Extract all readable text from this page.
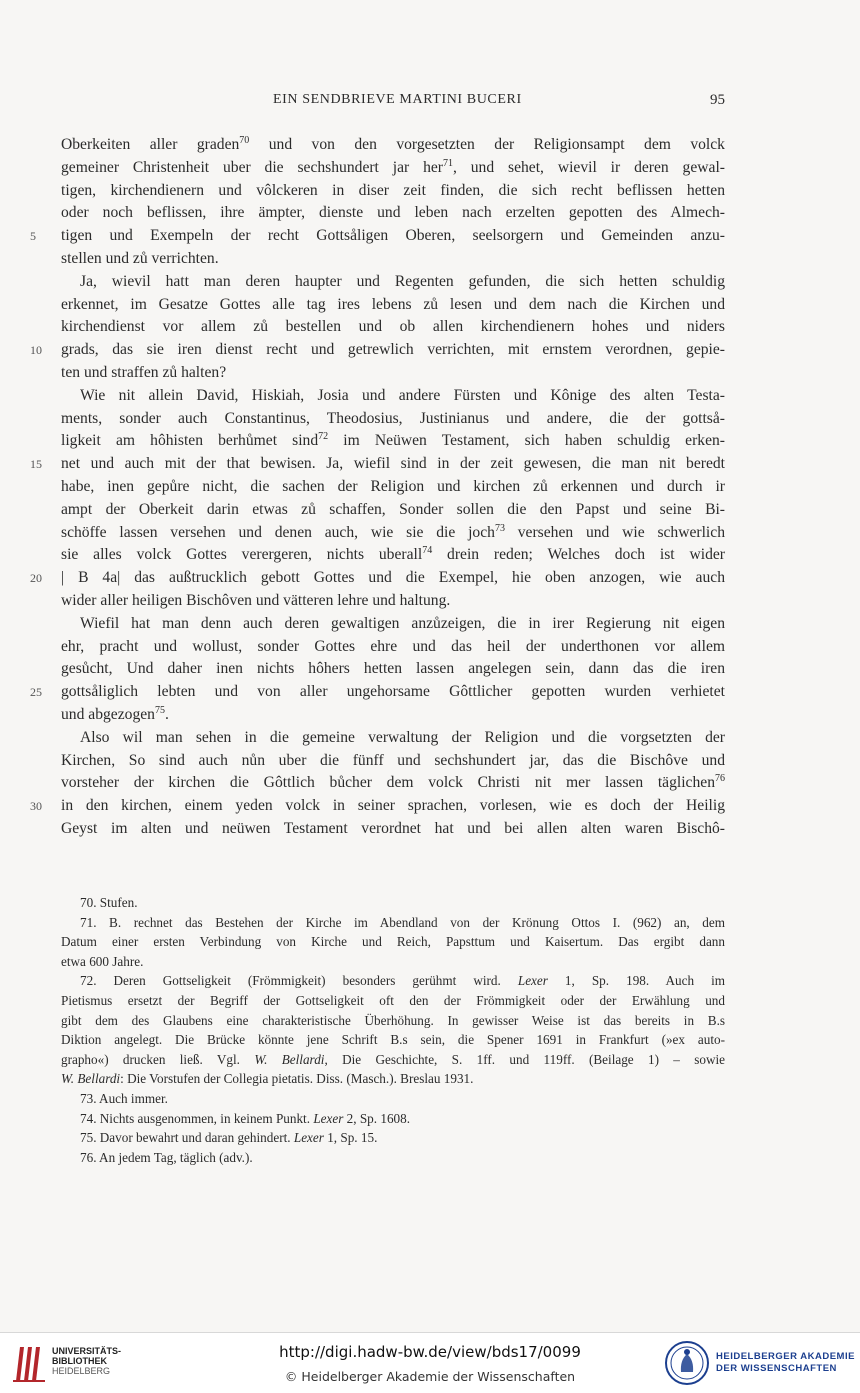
EIN SENDBRIEVE MARTINI BUCERI	95
Oberkeiten aller graden$^{70}$ und von den vorgesetzten der Religionsampt dem volck
gemeiner Christenheit uber die sechshundert jar her$^{71}$, und sehet, wievil ir deren gewal-
tigen, kirchendienern und vôlckeren in diser zeit finden, die sich recht beflissen hetten
oder noch beflissen, ihre ämpter, dienste und leben nach erzelten gepotten des Almech-
tigen und Exempeln der recht Gottsåligen Oberen, seelsorgern und Gemeinden anzu-
5
stellen und zů verrichten.
Ja, wievil hatt man deren haupter und Regenten gefunden, die sich hetten schuldig
erkennet, im Gesatze Gottes alle tag ires lebens zů lesen und dem nach die Kirchen und
kirchendienst vor allem zů bestellen und ob allen kirchendienern hohes und niders
grads, das sie iren dienst recht und getrewlich verrichten, mit ernstem verordnen, gepie-
10
ten und straffen zů halten?
Wie nit allein David, Hiskiah, Josia und andere Fürsten und Kônige des alten Testa-
ments, sonder auch Constantinus, Theodosius, Justinianus und andere, die der gottså-
ligkeit am hôhisten berhůmet sind$^{72}$ im Neüwen Testament, sich haben schuldig erken-
net und auch mit der that bewisen. Ja, wiefil sind in der zeit gewesen, die man nit beredt
15
habe, inen gepůre nicht, die sachen der Religion und kirchen zů erkennen und durch ir
ampt der Oberkeit darin etwas zů schaffen, Sonder sollen die den Papst und seine Bi-
schöffe lassen versehen und denen auch, wie sie die joch$^{73}$ versehen und wie schwerlich
sie alles volck Gottes verergeren, nichts uberall$^{74}$ drein reden; Welches doch ist wider
| B 4a| das außtrucklich gebott Gottes und die Exempel, hie oben anzogen, wie auch
20
wider aller heiligen Bischôven und vätteren lehre und haltung.
Wiefil hat man denn auch deren gewaltigen anzůzeigen, die in irer Regierung nit eigen
ehr, pracht und wollust, sonder Gottes ehre und das heil der underthonen vor allem
gesůcht, Und daher inen nichts hôhers hetten lassen angelegen sein, dann das die iren
gottsåliglich lebten und von aller ungehorsame Gôttlicher gepotten wurden verhietet
25
und abgezogen$^{75}$.
Also wil man sehen in die gemeine verwaltung der Religion und die vorgsetzten der
Kirchen, So sind auch nůn uber die fünff und sechshundert jar, das die Bischôve und
vorsteher der kirchen die Gôttlich bůcher dem volck Christi nit mer lassen täglichen$^{76}$
in den kirchen, einem yeden volck in seiner sprachen, vorlesen, wie es doch der Heilig
30
Geyst im alten und neüwen Testament verordnet hat und bei allen alten waren Bischô-
70. Stufen.
71. B. rechnet das Bestehen der Kirche im Abendland von der Krönung Ottos I. (962) an, dem
Datum einer ersten Verbindung von Kirche und Reich, Papsttum und Kaisertum. Das ergibt dann
etwa 600 Jahre.
72. Deren Gottseligkeit (Frömmigkeit) besonders gerühmt wird. Lexer 1, Sp. 198. Auch im
Pietismus ersetzt der Begriff der Gottseligkeit oft den der Frömmigkeit oder der Erwählung und
gibt dem des Glaubens eine charakteristische Überhöhung. In gewisser Weise ist das bereits in B.s
Diktion angelegt. Die Brücke könnte jene Schrift B.s sein, die Spener 1691 in Frankfurt (»ex auto-
grapho«) drucken ließ. Vgl. W. Bellardi, Die Geschichte, S. 1ff. und 119ff. (Beilage 1) – sowie
W. Bellardi: Die Vorstufen der Collegia pietatis. Diss. (Masch.). Breslau 1931.
73. Auch immer.
74. Nichts ausgenommen, in keinem Punkt. Lexer 2, Sp. 1608.
75. Davor bewahrt und daran gehindert. Lexer 1, Sp. 15.
76. An jedem Tag, täglich (adv.).
UNIVERSITÄTS-
BIBLIOTHEK
HEIDELBERG
http://digi.hadw-bw.de/view/bds17/0099
© Heidelberger Akademie der Wissenschaften
HEIDELBERGER AKADEMIE
DER WISSENSCHAFTEN
